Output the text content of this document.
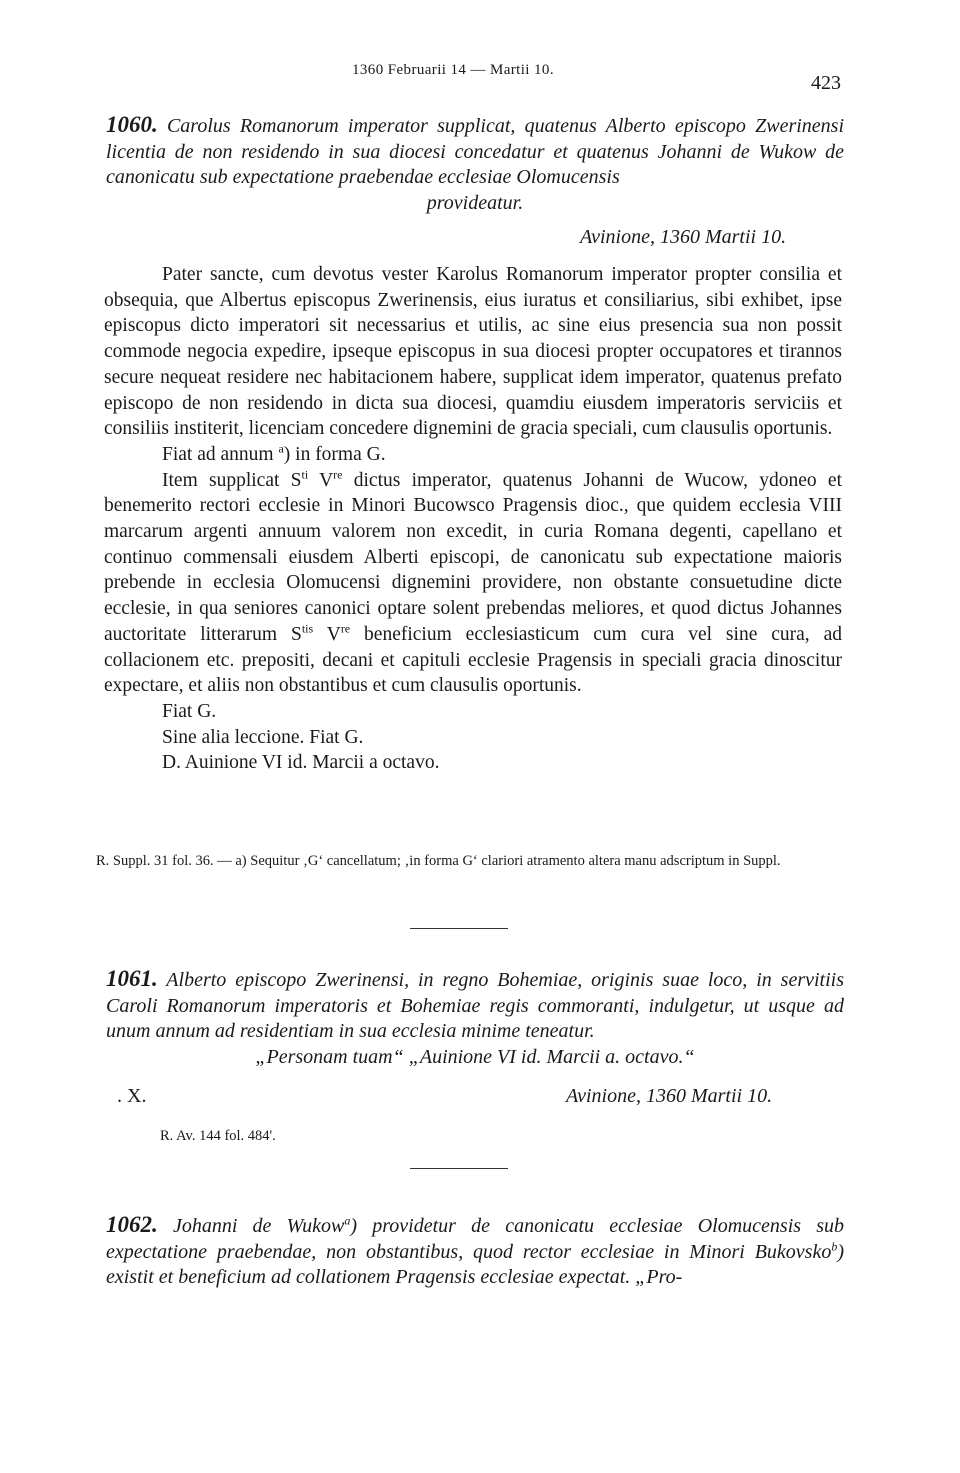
1360 Februarii 14 — Martii 10.
423
1060. Carolus Romanorum imperator supplicat, quatenus Alberto episcopo Zwerinensi licentia de non residendo in sua diocesi concedatur et quatenus Johanni de Wukow de canonicatu sub expectatione praebendae ecclesiae Olomucensis
provideatur.
Avinione, 1360 Martii 10.

Pater sancte, cum devotus vester Karolus Romanorum imperator propter consilia et obsequia, que Albertus episcopus Zwerinensis, eius iuratus et consiliarius, sibi exhibet, ipse episcopus dicto imperatori sit necessarius et utilis, ac sine eius presencia sua non possit commode negocia expedire, ipseque episcopus in sua diocesi propter occupatores et tirannos secure nequeat residere nec habitacionem habere, supplicat idem imperator, quatenus prefato episcopo de non residendo in dicta sua diocesi, quamdiu eiusdem imperatoris serviciis et consiliis institerit, licenciam concedere dignemini de gracia speciali, cum clausulis oportunis.

Fiat ad annum $^a$) in forma G.

Item supplicat $S^{ti}$ Vre dictus imperator, quatenus Johanni de Wucow, ydoneo et benemerito rectori ecclesie in Minori Bucowsco Pragensis dioc., que quidem ecclesia VIII marcarum argenti annuum valorem non excedit, in curia Romana degenti, capellano et continuo commensali eiusdem Alberti episcopi, de canonicatu sub expectatione maioris prebende in ecclesia Olomucensi dignemini providere, non obstante consuetudine dicte ecclesie, in qua seniores canonici optare solent prebendas meliores, et quod dictus Johannes auctoritate litterarum $S^{tis}$ Vre beneficium ecclesiasticum cum cura vel sine cura, ad collacionem etc. prepositi, decani et capituli ecclesie Pragensis in speciali gracia dinoscitur expectare, et aliis non obstantibus et cum clausulis oportunis.

Fiat G.

Sine alia leccione. Fiat G.

D. Auinione VI id. Marcii a octavo.

R. Suppl. 31 fol. 36. — a) Sequitur ‚G‘ cancellatum; ‚in forma G‘ clariori atramento altera manu adscriptum in Suppl.
1061. Alberto episcopo Zwerinensi, in regno Bohemiae, originis suae loco, in servitiis Caroli Romanorum imperatoris et Bohemiae regis commoranti, indulgetur, ut usque ad unum annum ad residentiam in sua ecclesia minime teneatur.
„Personam tuam“ „Auinione VI id. Marcii a. octavo.“
. X.	Avinione, 1360 Martii 10.
R. Av. 144 fol. 484'.
1062. Johanni de Wukow$^a$) providetur de canonicatu ecclesiae Olomucensis sub expectatione praebendae, non obstantibus, quod rector ecclesiae in Minori Bukovsko$^b$) existit et beneficium ad collationem Pragensis ecclesiae expectat. „Pro-
